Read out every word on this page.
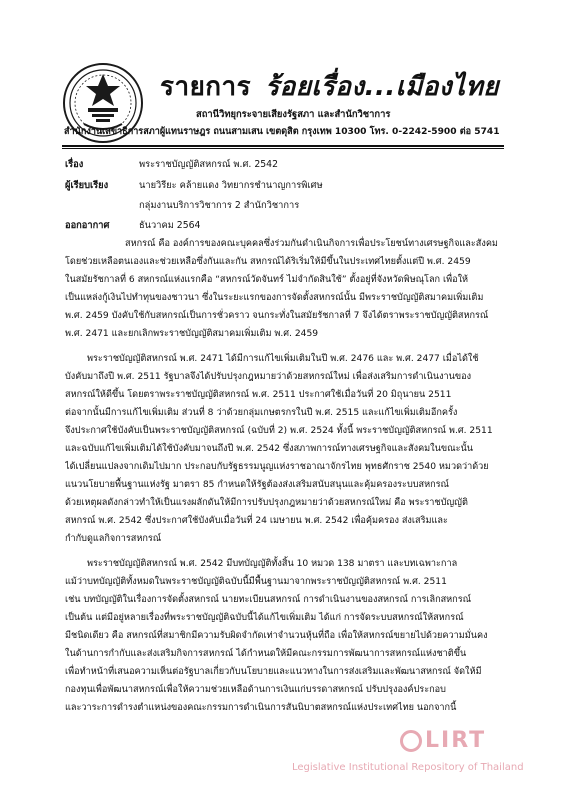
รายการ ร้อยเรื่อง...เมืองไทย
สถานีวิทยุกระจายเสียงรัฐสภา และสำนักวิชาการ
สำนักงานเลขาธิการสภาผู้แทนราษฎร ถนนสามเสน เขตดุสิต กรุงเทพ 10300 โทร. 0-2242-5900 ต่อ 5741
เรื่อง	พระราชบัญญัติสหกรณ์ พ.ศ. 2542
ผู้เรียบเรียง	นายวิรียะ คล้ายแดง วิทยากรชำนาญการพิเศษ
กลุ่มงานบริการวิชาการ 2 สำนักวิชาการ
ออกอากาศ	ธันวาคม 2564
สหกรณ์ คือ องค์การของคณะบุคคลซึ่งร่วมกันดำเนินกิจการเพื่อประโยชน์ทางเศรษฐกิจและสังคม
โดยช่วยเหลือตนเองและช่วยเหลือซึ่งกันและกัน สหกรณ์ได้ริเริ่มให้มีขึ้นในประเทศไทยตั้งแต่ปี พ.ศ. 2459
ในสมัยรัชกาลที่ 6 สหกรณ์แห่งแรกคือ “สหกรณ์วัดจันทร์ ไม่จำกัดสินใช้” ตั้งอยู่ที่จังหวัดพิษณุโลก เพื่อให้
เป็นแหล่งกู้เงินไปทำทุนของชาวนา ซึ่งในระยะแรกของการจัดตั้งสหกรณ์นั้น มีพระราชบัญญัติสมาคมเพิ่มเติม
พ.ศ. 2459 บังคับใช้กับสหกรณ์เป็นการชั่วคราว จนกระทั่งในสมัยรัชกาลที่ 7 จึงได้ตราพระราชบัญญัติสหกรณ์
พ.ศ. 2471 และยกเลิกพระราชบัญญัติสมาคมเพิ่มเติม พ.ศ. 2459
พระราชบัญญัติสหกรณ์ พ.ศ. 2471 ได้มีการแก้ไขเพิ่มเติมในปี พ.ศ. 2476 และ พ.ศ. 2477 เมื่อได้ใช้
บังคับมาถึงปี พ.ศ. 2511 รัฐบาลจึงได้ปรับปรุงกฎหมายว่าด้วยสหกรณ์ใหม่ เพื่อส่งเสริมการดำเนินงานของ
สหกรณ์ให้ดีขึ้น โดยตราพระราชบัญญัติสหกรณ์ พ.ศ. 2511 ประกาศใช้เมื่อวันที่ 20 มิถุนายน 2511
ต่อจากนั้นมีการแก้ไขเพิ่มเติม ส่วนที่ 8 ว่าด้วยกลุ่มเกษตรกรในปี พ.ศ. 2515 และแก้ไขเพิ่มเติมอีกครั้ง
จึงประกาศใช้บังคับเป็นพระราชบัญญัติสหกรณ์ (ฉบับที่ 2) พ.ศ. 2524 ทั้งนี้ พระราชบัญญัติสหกรณ์ พ.ศ. 2511
และฉบับแก้ไขเพิ่มเติมได้ใช้บังคับมาจนถึงปี พ.ศ. 2542 ซึ่งสภาพการณ์ทางเศรษฐกิจและสังคมในขณะนั้น
ได้เปลี่ยนแปลงจากเดิมไปมาก ประกอบกับรัฐธรรมนูญแห่งราชอาณาจักรไทย พุทธศักราช 2540 หมวดว่าด้วย
แนวนโยบายพื้นฐานแห่งรัฐ มาตรา 85 กำหนดให้รัฐต้องส่งเสริมสนับสนุนและคุ้มครองระบบสหกรณ์
ด้วยเหตุผลดังกล่าวทำให้เป็นแรงผลักดันให้มีการปรับปรุงกฎหมายว่าด้วยสหกรณ์ใหม่ คือ พระราชบัญญัติ
สหกรณ์ พ.ศ. 2542 ซึ่งประกาศใช้บังคับเมื่อวันที่ 24 เมษายน พ.ศ. 2542 เพื่อคุ้มครอง ส่งเสริมและ
กำกับดูแลกิจการสหกรณ์
พระราชบัญญัติสหกรณ์ พ.ศ. 2542 มีบทบัญญัติทั้งสิ้น 10 หมวด 138 มาตรา และบทเฉพาะกาล
แม้ว่าบทบัญญัติทั้งหมดในพระราชบัญญัติฉบับนี้มีพื้นฐานมาจากพระราชบัญญัติสหกรณ์ พ.ศ. 2511
เช่น บทบัญญัติในเรื่องการจัดตั้งสหกรณ์ นายทะเบียนสหกรณ์ การดำเนินงานของสหกรณ์ การเลิกสหกรณ์
เป็นต้น แต่มีอยู่หลายเรื่องที่พระราชบัญญัติฉบับนี้ได้แก้ไขเพิ่มเติม ได้แก่ การจัดระบบสหกรณ์ให้สหกรณ์
มีชนิดเดียว คือ สหกรณ์ที่สมาชิกมีความรับผิดจำกัดเท่าจำนวนหุ้นที่ถือ เพื่อให้สหกรณ์ขยายไปด้วยความมั่นคง
ในด้านการกำกับและส่งเสริมกิจการสหกรณ์ ได้กำหนดให้มีคณะกรรมการพัฒนาการสหกรณ์แห่งชาติขึ้น
เพื่อทำหน้าที่เสนอความเห็นต่อรัฐบาลเกี่ยวกับนโยบายและแนวทางในการส่งเสริมและพัฒนาสหกรณ์ จัดให้มี
กองทุนเพื่อพัฒนาสหกรณ์เพื่อให้ความช่วยเหลือด้านการเงินแก่บรรดาสหกรณ์ ปรับปรุงองค์ประกอบ
และวาระการดำรงตำแหน่งของคณะกรรมการดำเนินการสันนิบาตสหกรณ์แห่งประเทศไทย นอกจากนี้
LIRT
Legislative Institutional Repository of Thailand
